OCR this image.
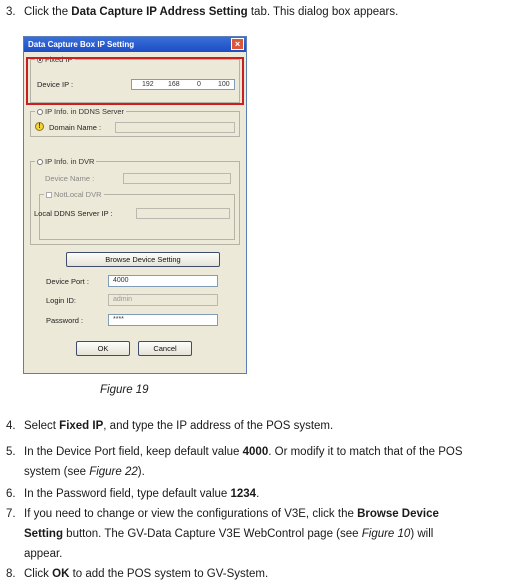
3. Click the Data Capture IP Address Setting tab. This dialog box appears.
Data Capture Box IP Setting	×
Fixed IP
Device IP :	192 168 0 100
IP Info. in DDNS Server
!	Domain Name :
IP Info. in DVR
Device Name :
NotLocal DVR
Local DDNS Server IP :
Browse Device Setting
Device Port :	4000
Login ID:	admin
Password :	****
OK	Cancel
Figure 19
4. Select Fixed IP, and type the IP address of the POS system.
5. In the Device Port field, keep default value 4000. Or modify it to match that of the POS
system (see Figure 22).
6. In the Password field, type default value 1234.
7. If you need to change or view the configurations of V3E, click the Browse Device
Setting button. The GV-Data Capture V3E WebControl page (see Figure 10) will
appear.
8. Click OK to add the POS system to GV-System.
